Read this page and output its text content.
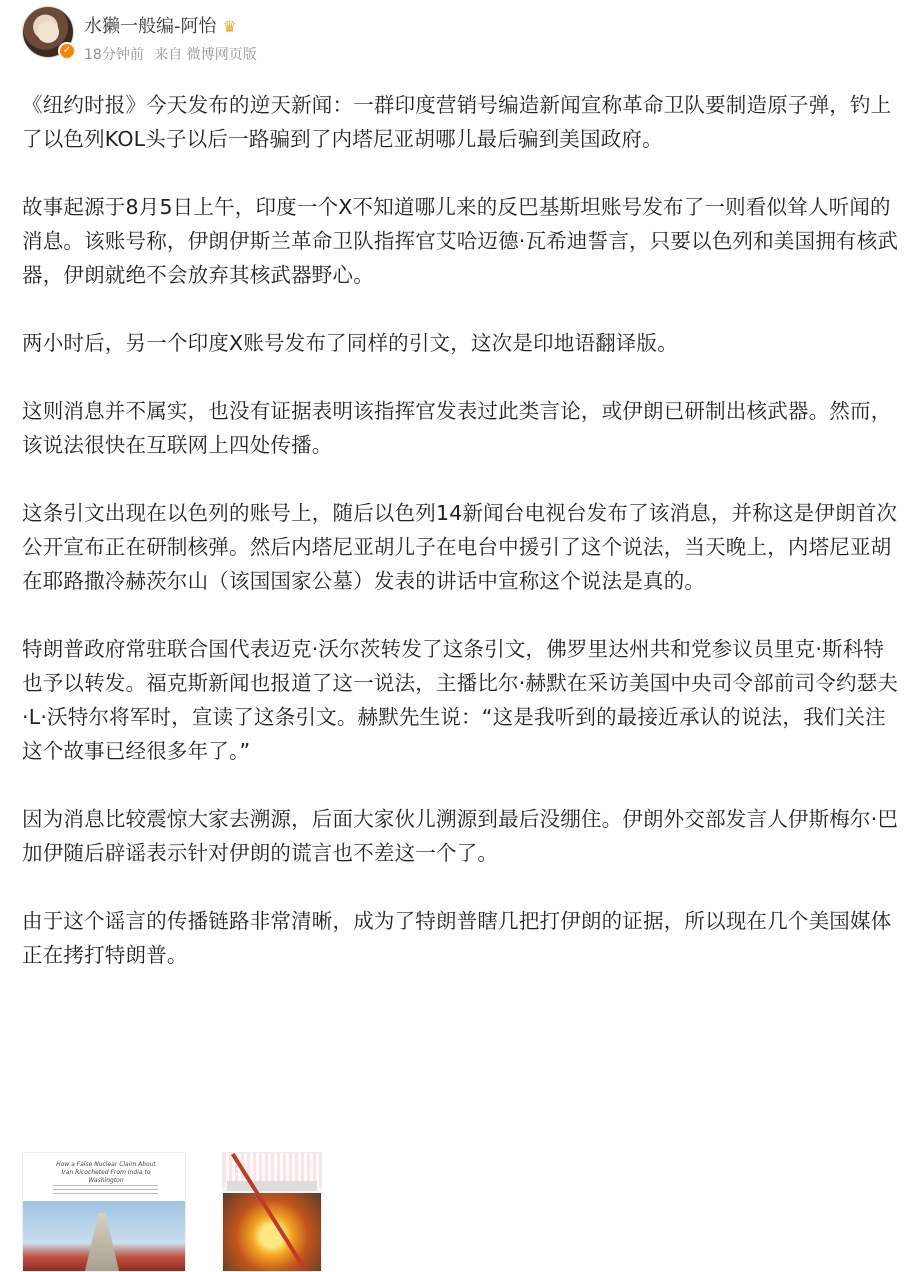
✓
水獭一般编-阿怡 ♛
18分钟前 来自 微博网页版

《纽约时报》今天发布的逆天新闻：一群印度营销号编造新闻宣称革命卫队要制造原子弹，钓上了以色列KOL头子以后一路骗到了内塔尼亚胡哪儿最后骗到美国政府。

故事起源于8月5日上午，印度一个X不知道哪儿来的反巴基斯坦账号发布了一则看似耸人听闻的消息。该账号称，伊朗伊斯兰革命卫队指挥官艾哈迈德·瓦希迪誓言，只要以色列和美国拥有核武器，伊朗就绝不会放弃其核武器野心。

两小时后，另一个印度X账号发布了同样的引文，这次是印地语翻译版。

这则消息并不属实，也没有证据表明该指挥官发表过此类言论，或伊朗已研制出核武器。然而，该说法很快在互联网上四处传播。

这条引文出现在以色列的账号上，随后以色列14新闻台电视台发布了该消息，并称这是伊朗首次公开宣布正在研制核弹。然后内塔尼亚胡儿子在电台中援引了这个说法，当天晚上，内塔尼亚胡在耶路撒冷赫茨尔山（该国国家公墓）发表的讲话中宣称这个说法是真的。

特朗普政府常驻联合国代表迈克·沃尔茨转发了这条引文，佛罗里达州共和党参议员里克·斯科特也予以转发。福克斯新闻也报道了这一说法，主播比尔·赫默在采访美国中央司令部前司令约瑟夫·L·沃特尔将军时，宣读了这条引文。赫默先生说：“这是我听到的最接近承认的说法，我们关注这个故事已经很多年了。”

因为消息比较震惊大家去溯源，后面大家伙儿溯源到最后没绷住。伊朗外交部发言人伊斯梅尔·巴加伊随后辟谣表示针对伊朗的谎言也不差这一个了。

由于这个谣言的传播链路非常清晰，成为了特朗普瞎几把打伊朗的证据，所以现在几个美国媒体正在拷打特朗普。

How a False Nuclear Claim About Iran Ricocheted From India to Washington
